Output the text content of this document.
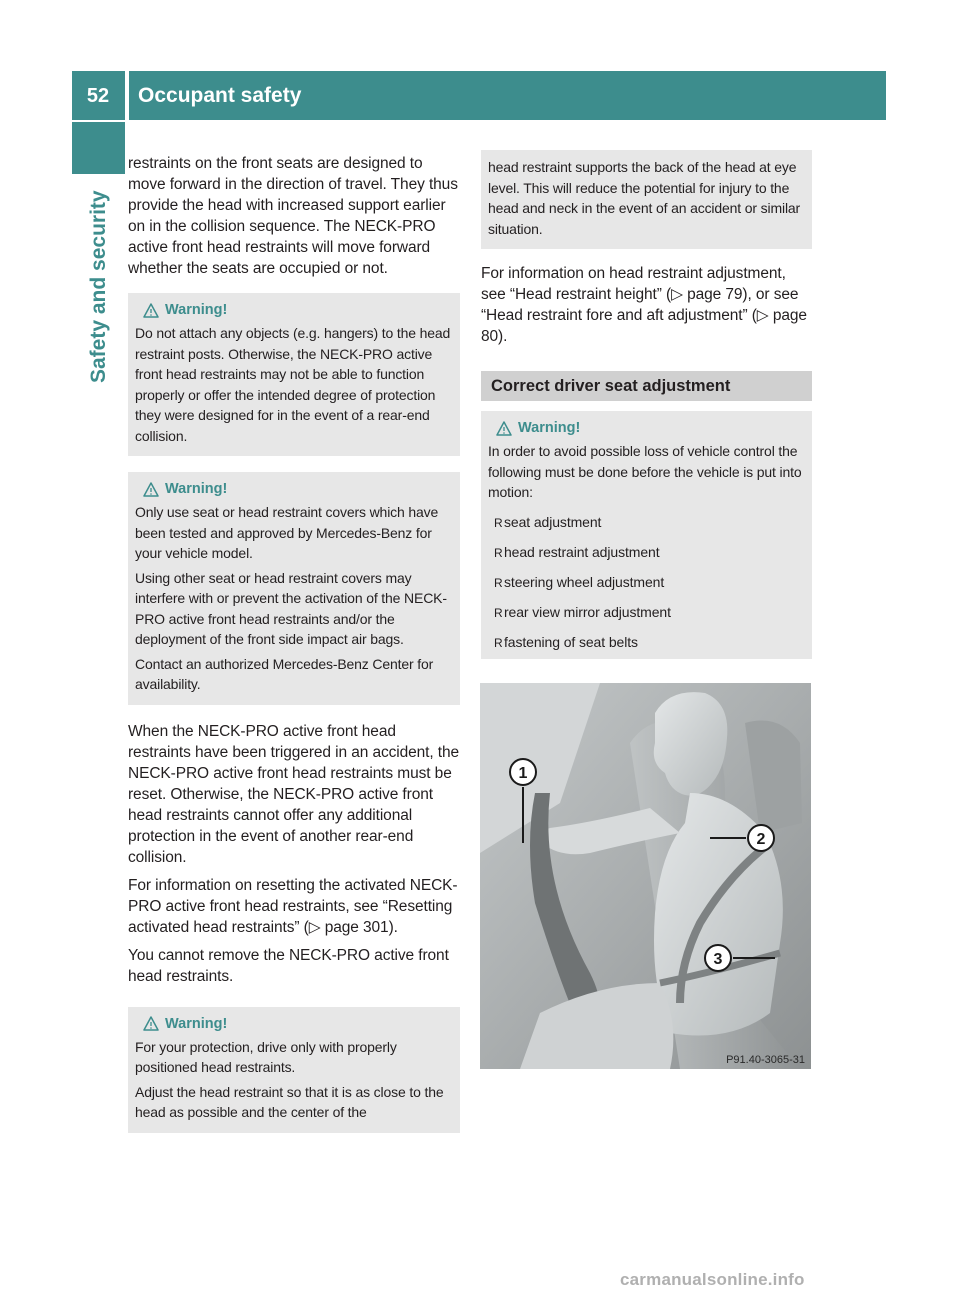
52	Occupant safety
Safety and security

restraints on the front seats are designed to move forward in the direction of travel. They thus provide the head with increased support earlier on in the collision sequence. The NECK-PRO active front head restraints will move forward whether the seats are occupied or not.

Warning!

Do not attach any objects (e.g. hangers) to the head restraint posts. Otherwise, the NECK-PRO active front head restraints may not be able to function properly or offer the intended degree of protection they were designed for in the event of a rear-end collision.

Warning!

Only use seat or head restraint covers which have been tested and approved by Mercedes-Benz for your vehicle model.

Using other seat or head restraint covers may interfere with or prevent the activation of the NECK-PRO active front head restraints and/or the deployment of the front side impact air bags.

Contact an authorized Mercedes-Benz Center for availability.

When the NECK-PRO active front head restraints have been triggered in an accident, the NECK-PRO active front head restraints must be reset. Otherwise, the NECK-PRO active front head restraints cannot offer any additional protection in the event of another rear-end collision.

For information on resetting the activated NECK-PRO active front head restraints, see “Resetting activated head restraints” (▷ page 301).

You cannot remove the NECK-PRO active front head restraints.

Warning!

For your protection, drive only with properly positioned head restraints.

Adjust the head restraint so that it is as close to the head as possible and the center of the

head restraint supports the back of the head at eye level. This will reduce the potential for injury to the head and neck in the event of an accident or similar situation.

For information on head restraint adjustment, see “Head restraint height” (▷ page 79), or see “Head restraint fore and aft adjustment” (▷ page 80).

Correct driver seat adjustment
Warning!

In order to avoid possible loss of vehicle control the following must be done before the vehicle is put into motion:

Rseat adjustment
Rhead restraint adjustment
Rsteering wheel adjustment
Rrear view mirror adjustment
Rfastening of seat belts
1
2
3
P91.40-3065-31
carmanualsonline.info
